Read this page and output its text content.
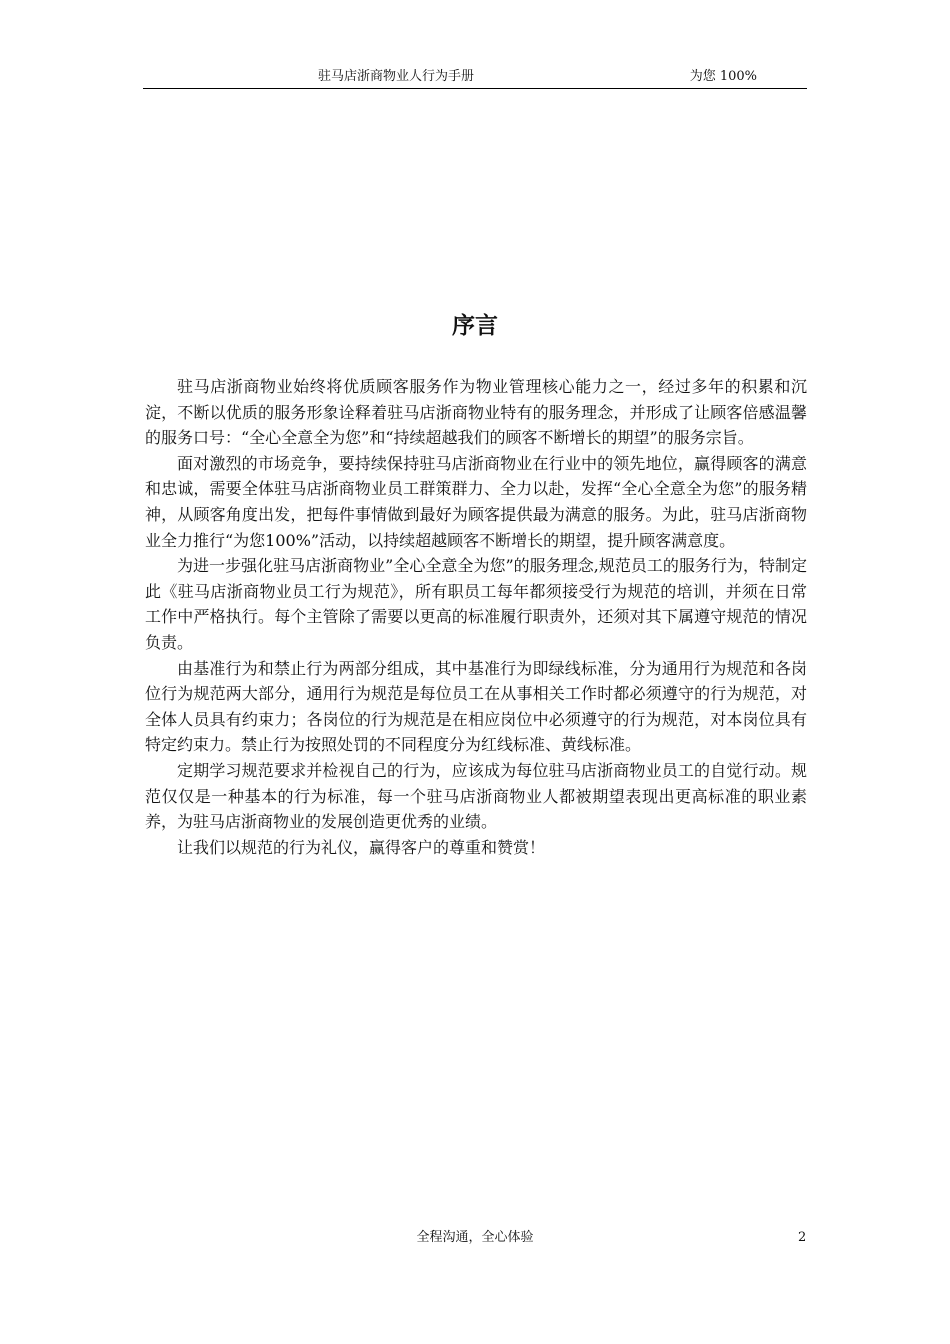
驻马店浙商物业人行为手册	为您 100%
序言

驻马店浙商物业始终将优质顾客服务作为物业管理核心能力之一，经过多年的积累和沉淀，不断以优质的服务形象诠释着驻马店浙商物业特有的服务理念，并形成了让顾客倍感温馨的服务口号：“全心全意全为您”和“持续超越我们的顾客不断增长的期望”的服务宗旨。

面对激烈的市场竞争，要持续保持驻马店浙商物业在行业中的领先地位，赢得顾客的满意和忠诚，需要全体驻马店浙商物业员工群策群力、全力以赴，发挥“全心全意全为您”的服务精神，从顾客角度出发，把每件事情做到最好为顾客提供最为满意的服务。为此，驻马店浙商物业全力推行“为您100%”活动，以持续超越顾客不断增长的期望，提升顾客满意度。

为进一步强化驻马店浙商物业”全心全意全为您”的服务理念,规范员工的服务行为，特制定此《驻马店浙商物业员工行为规范》，所有职员工每年都须接受行为规范的培训，并须在日常工作中严格执行。每个主管除了需要以更高的标准履行职责外，还须对其下属遵守规范的情况负责。

由基准行为和禁止行为两部分组成，其中基准行为即绿线标准，分为通用行为规范和各岗位行为规范两大部分，通用行为规范是每位员工在从事相关工作时都必须遵守的行为规范，对全体人员具有约束力；各岗位的行为规范是在相应岗位中必须遵守的行为规范，对本岗位具有特定约束力。禁止行为按照处罚的不同程度分为红线标准、黄线标准。

定期学习规范要求并检视自己的行为，应该成为每位驻马店浙商物业员工的自觉行动。规范仅仅是一种基本的行为标准，每一个驻马店浙商物业人都被期望表现出更高标准的职业素养，为驻马店浙商物业的发展创造更优秀的业绩。

让我们以规范的行为礼仪，赢得客户的尊重和赞赏！

全程沟通，全心体验	2
